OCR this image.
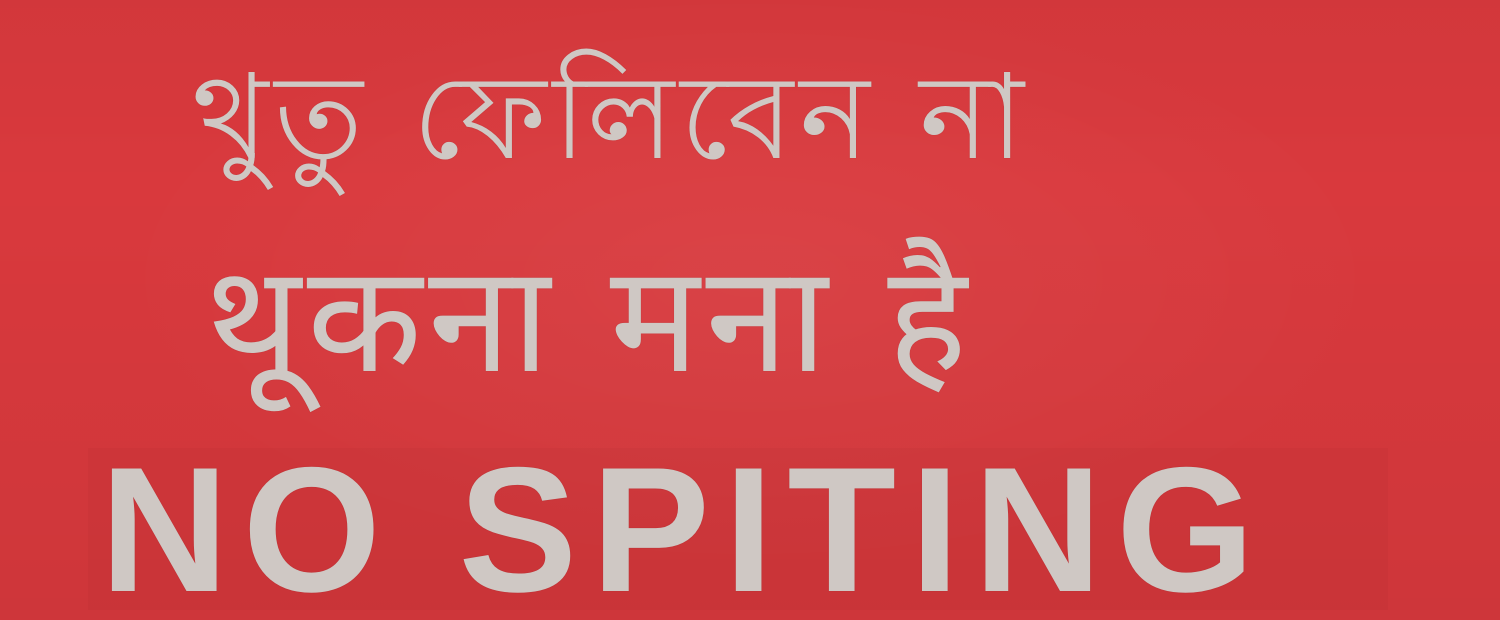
থুতু ফেলিবেন না
थूकना मना है
NO SPITING
